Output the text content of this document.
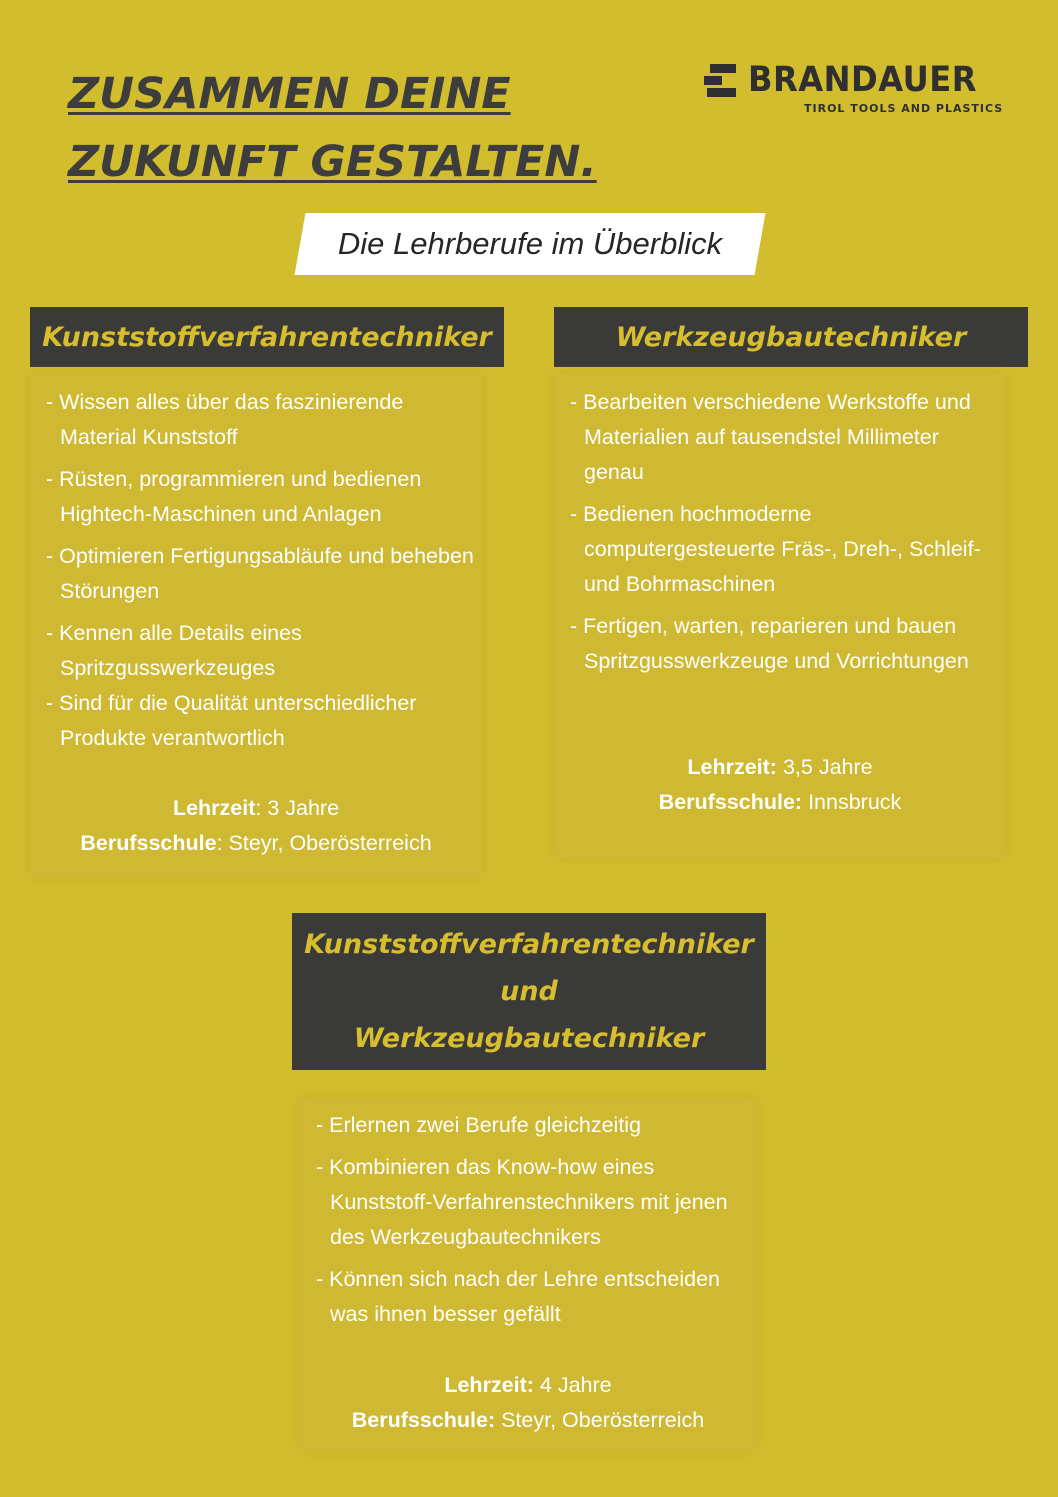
ZUSAMMEN DEINE
ZUKUNFT GESTALTEN.
BRANDAUER
TIROL TOOLS AND PLASTICS

Die Lehrberufe im Überblick

Kunststoffverfahrentechniker
- Wissen alles über das faszinierende Material Kunststoff
- Rüsten, programmieren und bedienen Hightech-Maschinen und Anlagen
- Optimieren Fertigungsabläufe und beheben Störungen
- Kennen alle Details eines Spritzgusswerkzeuges
- Sind für die Qualität unterschiedlicher Produkte verantwortlich
Lehrzeit: 3 Jahre
Berufsschule: Steyr, Oberösterreich
Werkzeugbautechniker
- Bearbeiten verschiedene Werkstoffe und Materialien auf tausendstel Millimeter genau
- Bedienen hochmoderne computergesteuerte Fräs-, Dreh-, Schleif- und Bohrmaschinen
- Fertigen, warten, reparieren und bauen Spritzgusswerkzeuge und Vorrichtungen
Lehrzeit: 3,5 Jahre
Berufsschule: Innsbruck
Kunststoffverfahrentechniker
und
Werkzeugbautechniker
- Erlernen zwei Berufe gleichzeitig
- Kombinieren das Know-how eines Kunststoff-Verfahrenstechnikers mit jenen des Werkzeugbautechnikers
- Können sich nach der Lehre entscheiden was ihnen besser gefällt
Lehrzeit: 4 Jahre
Berufsschule: Steyr, Oberösterreich
